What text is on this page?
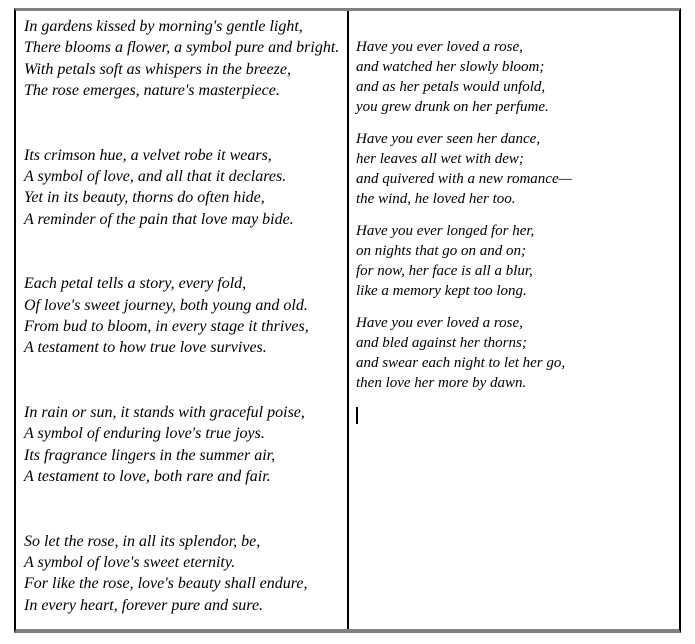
In gardens kissed by morning's gentle light,
There blooms a flower, a symbol pure and bright.
With petals soft as whispers in the breeze,
The rose emerges, nature's masterpiece.

Its crimson hue, a velvet robe it wears,
A symbol of love, and all that it declares.
Yet in its beauty, thorns do often hide,
A reminder of the pain that love may bide.

Each petal tells a story, every fold,
Of love's sweet journey, both young and old.
From bud to bloom, in every stage it thrives,
A testament to how true love survives.

In rain or sun, it stands with graceful poise,
A symbol of enduring love's true joys.
Its fragrance lingers in the summer air,
A testament to love, both rare and fair.

So let the rose, in all its splendor, be,
A symbol of love's sweet eternity.
For like the rose, love's beauty shall endure,
In every heart, forever pure and sure.

Have you ever loved a rose,
and watched her slowly bloom;
and as her petals would unfold,
you grew drunk on her perfume.

Have you ever seen her dance,
her leaves all wet with dew;
and quivered with a new romance—
the wind, he loved her too.

Have you ever longed for her,
on nights that go on and on;
for now, her face is all a blur,
like a memory kept too long.

Have you ever loved a rose,
and bled against her thorns;
and swear each night to let her go,
then love her more by dawn.
